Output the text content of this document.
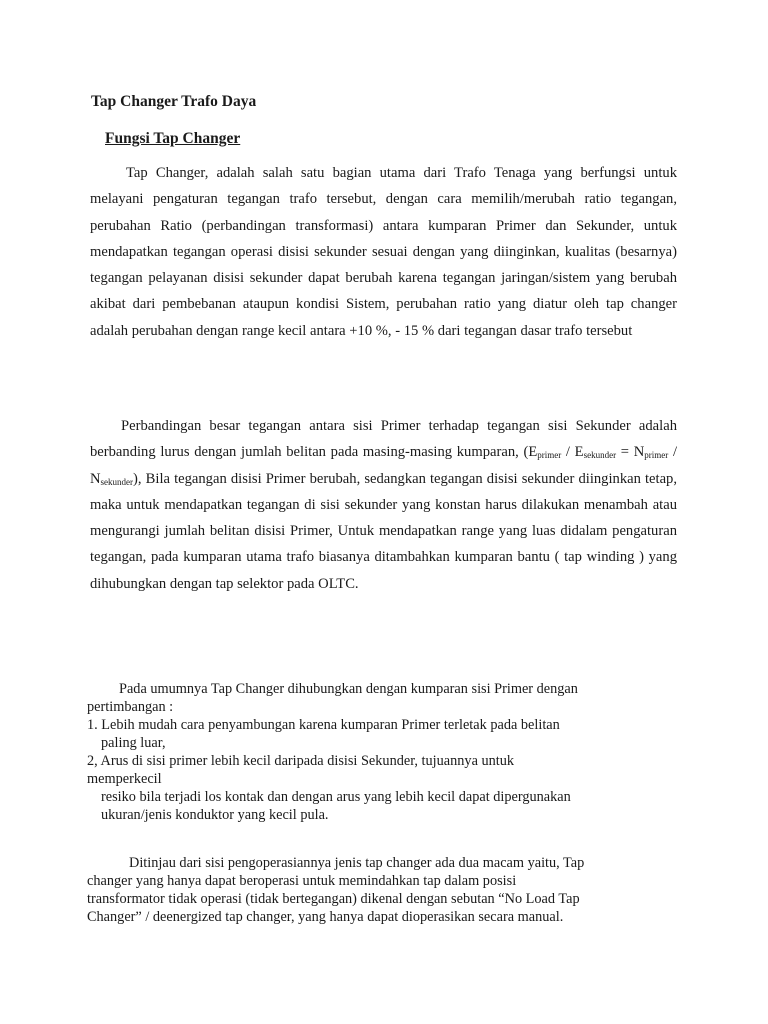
Tap Changer Trafo Daya
Fungsi Tap Changer

Tap Changer, adalah salah satu bagian utama dari Trafo Tenaga yang berfungsi untuk melayani pengaturan tegangan trafo tersebut, dengan cara memilih/merubah ratio tegangan, perubahan Ratio (perbandingan transformasi) antara kumparan Primer dan Sekunder, untuk mendapatkan tegangan operasi disisi sekunder sesuai dengan yang diinginkan, kualitas (besarnya) tegangan pelayanan disisi sekunder dapat berubah karena tegangan jaringan/sistem yang berubah akibat dari pembebanan ataupun kondisi Sistem, perubahan ratio yang diatur oleh tap changer adalah perubahan dengan range kecil antara +10 %, - 15 % dari tegangan dasar trafo tersebut

Perbandingan besar tegangan antara sisi Primer terhadap tegangan sisi Sekunder adalah berbanding lurus dengan jumlah belitan pada masing-masing kumparan, $(E_{primer} / E_{sekunder} = N_{primer} / N_{sekunder})$, Bila tegangan disisi Primer berubah, sedangkan tegangan disisi sekunder diinginkan tetap, maka untuk mendapatkan tegangan di sisi sekunder yang konstan harus dilakukan menambah atau mengurangi jumlah belitan disisi Primer, Untuk mendapatkan range yang luas didalam pengaturan tegangan, pada kumparan utama trafo biasanya ditambahkan kumparan bantu ( tap winding ) yang dihubungkan dengan tap selektor pada OLTC.

Pada umumnya Tap Changer dihubungkan dengan kumparan sisi Primer dengan
pertimbangan :
1. Lebih mudah cara penyambungan karena kumparan Primer terletak pada belitan
paling luar,
2, Arus di sisi primer lebih kecil daripada disisi Sekunder, tujuannya untuk
memperkecil
resiko bila terjadi los kontak dan dengan arus yang lebih kecil dapat dipergunakan
ukuran/jenis konduktor yang kecil pula.
Ditinjau dari sisi pengoperasiannya jenis tap changer ada dua macam yaitu, Tap
changer yang hanya dapat beroperasi untuk memindahkan tap dalam posisi
transformator tidak operasi (tidak bertegangan) dikenal dengan sebutan “No Load Tap
Changer” / deenergized tap changer, yang hanya dapat dioperasikan secara manual.
